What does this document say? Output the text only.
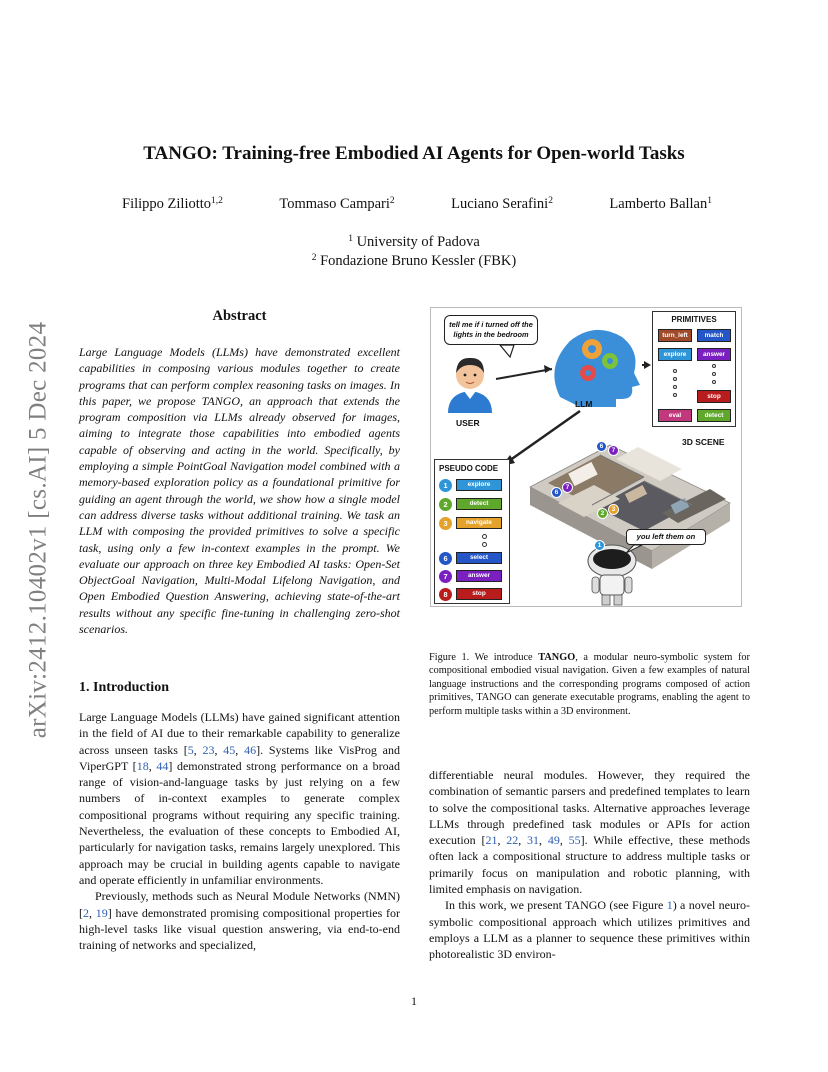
arXiv:2412.10402v1 [cs.AI] 5 Dec 2024
TANGO: Training-free Embodied AI Agents for Open-world Tasks
Filippo Ziliotto$^{1,2}$	Tommaso Campari$^2$	Luciano Serafini$^2$	Lamberto Ballan$^1$
$^1$ University of Padova
$^2$ Fondazione Bruno Kessler (FBK)
Abstract
Large Language Models (LLMs) have demonstrated excellent capabilities in composing various modules together to create programs that can perform complex reasoning tasks on images. In this paper, we propose TANGO, an approach that extends the program composition via LLMs already observed for images, aiming to integrate those capabilities into embodied agents capable of observing and acting in the world. Specifically, by employing a simple PointGoal Navigation model combined with a memory-based exploration policy as a foundational primitive for guiding an agent through the world, we show how a single model can address diverse tasks without additional training. We task an LLM with composing the provided primitives to solve a specific task, using only a few in-context examples in the prompt. We evaluate our approach on three key Embodied AI tasks: Open-Set ObjectGoal Navigation, Multi-Modal Lifelong Navigation, and Open Embodied Question Answering, achieving state-of-the-art results without any specific fine-tuning in challenging zero-shot scenarios.
1. Introduction

Large Language Models (LLMs) have gained significant attention in the field of AI due to their remarkable capability to generalize across unseen tasks [5, 23, 45, 46]. Systems like VisProg and ViperGPT [18, 44] demonstrated strong performance on a broad range of vision-and-language tasks by just relying on a few numbers of in-context examples to generate complex compositional programs without requiring any specific training. Nevertheless, the evaluation of these concepts to Embodied AI, particularly for navigation tasks, remains largely unexplored. This approach may be crucial in building agents capable to navigate and operate efficiently in unfamiliar environments.

Previously, methods such as Neural Module Networks (NMN) [2, 19] have demonstrated promising compositional properties for high-level tasks like visual question answering, via end-to-end training of networks and specialized,

differentiable neural modules. However, they required the combination of semantic parsers and predefined templates to learn to solve the compositional tasks. Alternative approaches leverage LLMs through predefined task modules or APIs for action execution [21, 22, 31, 49, 55]. While effective, these methods often lack a compositional structure to address multiple tasks or primarily focus on manipulation and robotic planning, with limited emphasis on navigation.

In this work, we present TANGO (see Figure 1) a novel neuro-symbolic compositional approach which utilizes primitives and employs a LLM as a planner to sequence these primitives within photorealistic 3D environ-

tell me if i turned off the lights in the bedroom
USER
LLM
PRIMITIVES
turn_left	match
explore	answer
stop
eval	detect
3D SCENE
PSEUDO CODE
1	explore
2	detect
3	navigate
6	select
7	answer
8	stop
6
7
6
7
2
3
1
you left them on
Figure 1. We introduce TANGO, a modular neuro-symbolic system for compositional embodied visual navigation. Given a few examples of natural language instructions and the corresponding programs composed of action primitives, TANGO can generate executable programs, enabling the agent to perform multiple tasks within a 3D environment.
1
